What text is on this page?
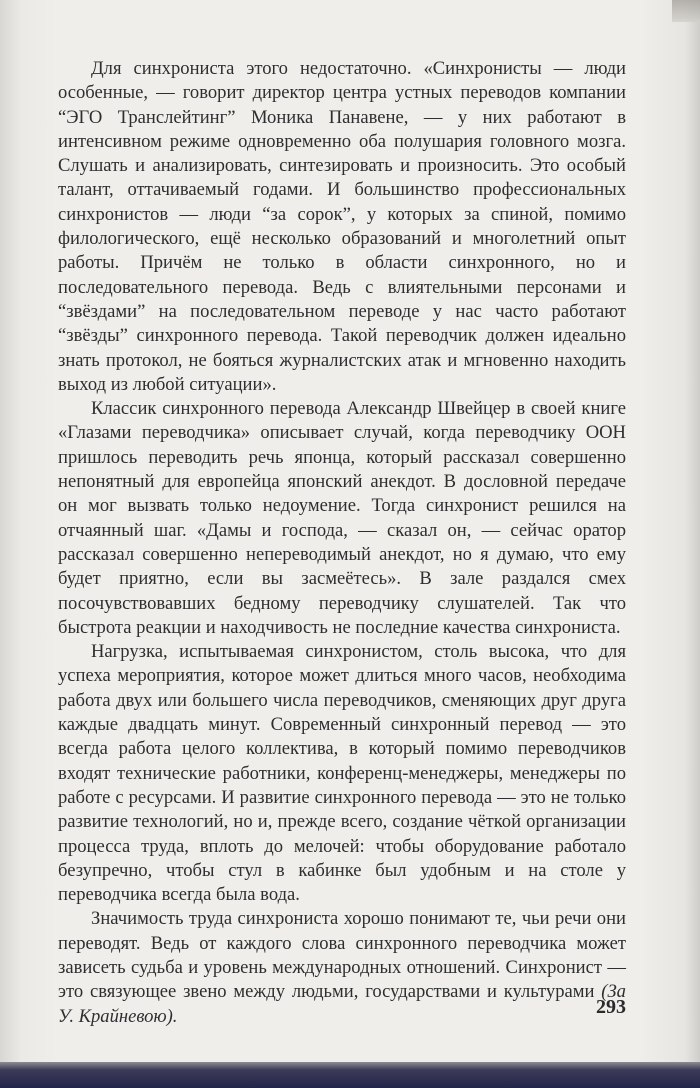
Для синхрониста этого недостаточно. «Синхронисты — люди особенные, — говорит директор центра устных переводов компании “ЭГО Транслейтинг” Моника Панавене, — у них работают в интенсивном режиме одновременно оба полушария головного мозга. Слушать и анализировать, синтезировать и произносить. Это особый талант, оттачиваемый годами. И большинство профессиональных синхронистов — люди “за сорок”, у которых за спиной, помимо филологического, ещё несколько образований и многолетний опыт работы. Причём не только в области синхронного, но и последовательного перевода. Ведь с влиятельными персонами и “звёздами” на последовательном переводе у нас часто работают “звёзды” синхронного перевода. Такой переводчик должен идеально знать протокол, не бояться журналистских атак и мгновенно находить выход из любой ситуации».

Классик синхронного перевода Александр Швейцер в своей книге «Глазами переводчика» описывает случай, когда переводчику ООН пришлось переводить речь японца, который рассказал совершенно непонятный для европейца японский анекдот. В дословной передаче он мог вызвать только недоумение. Тогда синхронист решился на отчаянный шаг. «Дамы и господа, — сказал он, — сейчас оратор рассказал совершенно непереводимый анекдот, но я думаю, что ему будет приятно, если вы засмеётесь». В зале раздался смех посочувствовавших бедному переводчику слушателей. Так что быстрота реакции и находчивость не последние качества синхрониста.

Нагрузка, испытываемая синхронистом, столь высока, что для успеха мероприятия, которое может длиться много часов, необходима работа двух или большего числа переводчиков, сменяющих друг друга каждые двадцать минут. Современный синхронный перевод — это всегда работа целого коллектива, в который помимо переводчиков входят технические работники, конференц-менеджеры, менеджеры по работе с ресурсами. И развитие синхронного перевода — это не только развитие технологий, но и, прежде всего, создание чёткой организации процесса труда, вплоть до мелочей: чтобы оборудование работало безупречно, чтобы стул в кабинке был удобным и на столе у переводчика всегда была вода.

Значимость труда синхрониста хорошо понимают те, чьи речи они переводят. Ведь от каждого слова синхронного переводчика может зависеть судьба и уровень международных отношений. Синхронист — это связующее звено между людьми, государствами и культурами (За У. Крайневою).	293
